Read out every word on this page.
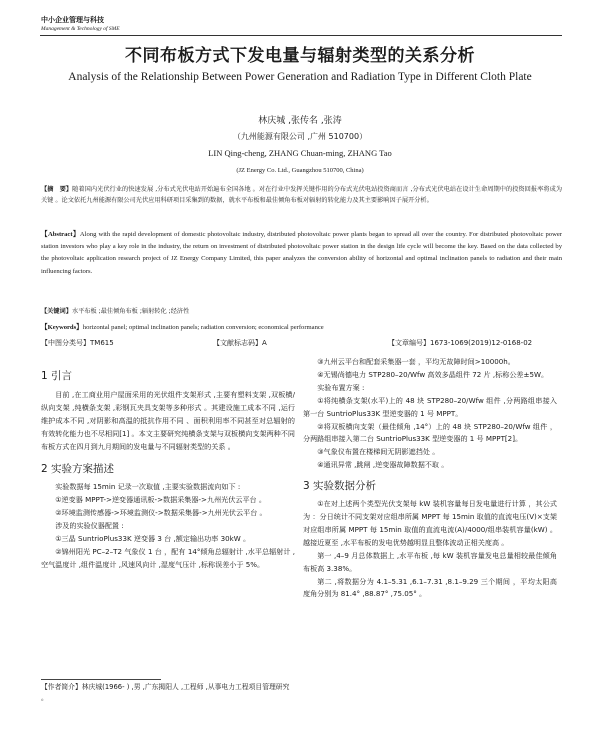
中小企业管理与科技
Management & Technology of SME
不同布板方式下发电量与辐射类型的关系分析
Analysis of the Relationship Between Power Generation and Radiation Type in Different Cloth Plate
林庆城 ,张传名 ,张涛
（九州能源有限公司 ,广州 510700）
LIN Qing-cheng, ZHANG Chuan-ming, ZHANG Tao
(JZ Energy Co. Ltd., Guangzhou 510700, China)
【摘　要】随着国内光伏行业的快速发展 ,分布式光伏电站开始遍布全国各地 。对在行业中发挥关键作用的分布式光伏电站投资商而言 ,分布式光伏电站在设计生命周期中的投资回报率将成为关键 。论文依托九州能源有限公司光伏应用科研项目采集到的数据，就水平布板和最佳倾角布板对辐射的转化能力及其主要影响因子展开分析。
【Abstract】Along with the rapid development of domestic photovoltaic industry, distributed photovoltaic power plants began to spread all over the country. For distributed photovoltaic power station investors who play a key role in the industry, the return on investment of distributed photovoltaic power station in the design life cycle will become the key. Based on the data collected by the photovoltaic application research project of JZ Energy Company Limited, this paper analyzes the conversion ability of horizontal and optimal inclination panels to radiation and their main influencing factors.
【关键词】水平布板 ;最佳倾角布板 ;辐射转化 ;经济性
【Keywords】horizontal panel; optimal inclination panels; radiation conversion; economical performance
【中图分类号】TM615	【文献标志码】A	【文章编号】1673-1069(2019)12-0168-02
1 引言

目前 ,在工商业用户屋面采用的光伏组件支架形式 ,主要有塑料支架 ,双板横/纵向支架 ,纯横条支架 ,彩钢瓦夹具支架等多种形式 。其建设施工成本不同 ,运行维护成本不同 ,对阴影和高温的抵抗作用不同 、面积利用率不同甚至对总辐射的有效转化能力也不尽相同[1] 。本文主要研究纯横条支架与双板横向支架两种不同布板方式在四月到九月期间的发电量与不同辐射类型的关系 。

2 实验方案描述

实验数据每 15min 记录一次取值 ,主要实验数据流向如下 :

①逆变器 MPPT->逆变器通讯板->数据采集器->九州光伏云平台 。

②环境监测传感器->环境监测仪->数据采集器->九州光伏云平台 。

涉及的实验仪器配置 :

①三晶 SuntrioPlus33K 逆变器 3 台 ,额定输出功率 30kW 。

②锦州阳光 PC–2–T2 气象仪 1 台 ，配有 14°倾角总辐射计 ,水平总辐射计 ,空气温度计 ,组件温度计 ,风速风向计 ,湿度气压计 ,标称误差小于 5%。

③九州云平台和配套采集器一套 ，平均无故障时间>10000h。

④无锡尚德电力 STP280–20/Wfw 高效多晶组件 72 片 ,标称公差±5W。

实验布置方案 :

①将纯横条支架(水平)上的 48 块 STP280–20/Wfw 组件 ,分两路组串接入第一台 SuntrioPlus33K 型逆变器的 1 号 MPPT。

②将双板横向支架（最佳倾角 ,14°）上的 48 块 STP280–20/Wfw 组件 ，分两路组串接入第二台 SuntrioPlus33K 型逆变器的 1 号 MPPT[2]。

③气象仪布置在楼梯间无阴影遮挡处 。

④通讯异常 ,跳闸 ,逆变器故障数据不取 。

3 实验数据分析

①在对上述两个类型光伏支架每 kW 装机容量每日发电量进行计算 ，其公式为 ：分日统计不同支架对应组串所属 MPPT 每 15min 取值的直流电压(V)×支架对应组串所属 MPPT 每 15min 取值的直流电流(A)/4000/组串装机容量(kW) 。越接近夏至 ,水平布板的发电优势越明显且整体波动正相关度高 。

第一 ,4–9 月总体数据上 ,水平布板 ,每 kW 装机容量发电总量相较最佳倾角布板高 3.38%。

第二 ,将数据分为 4.1–5.31 ,6.1–7.31 ,8.1–9.29 三个期间 ，平均太阳高度角分别为 81.4° ,88.87° ,75.05° 。

【作者简介】林庆城(1966- ) ,男 ,广东揭阳人 ,工程师 ,从事电力工程项目管理研究 。
